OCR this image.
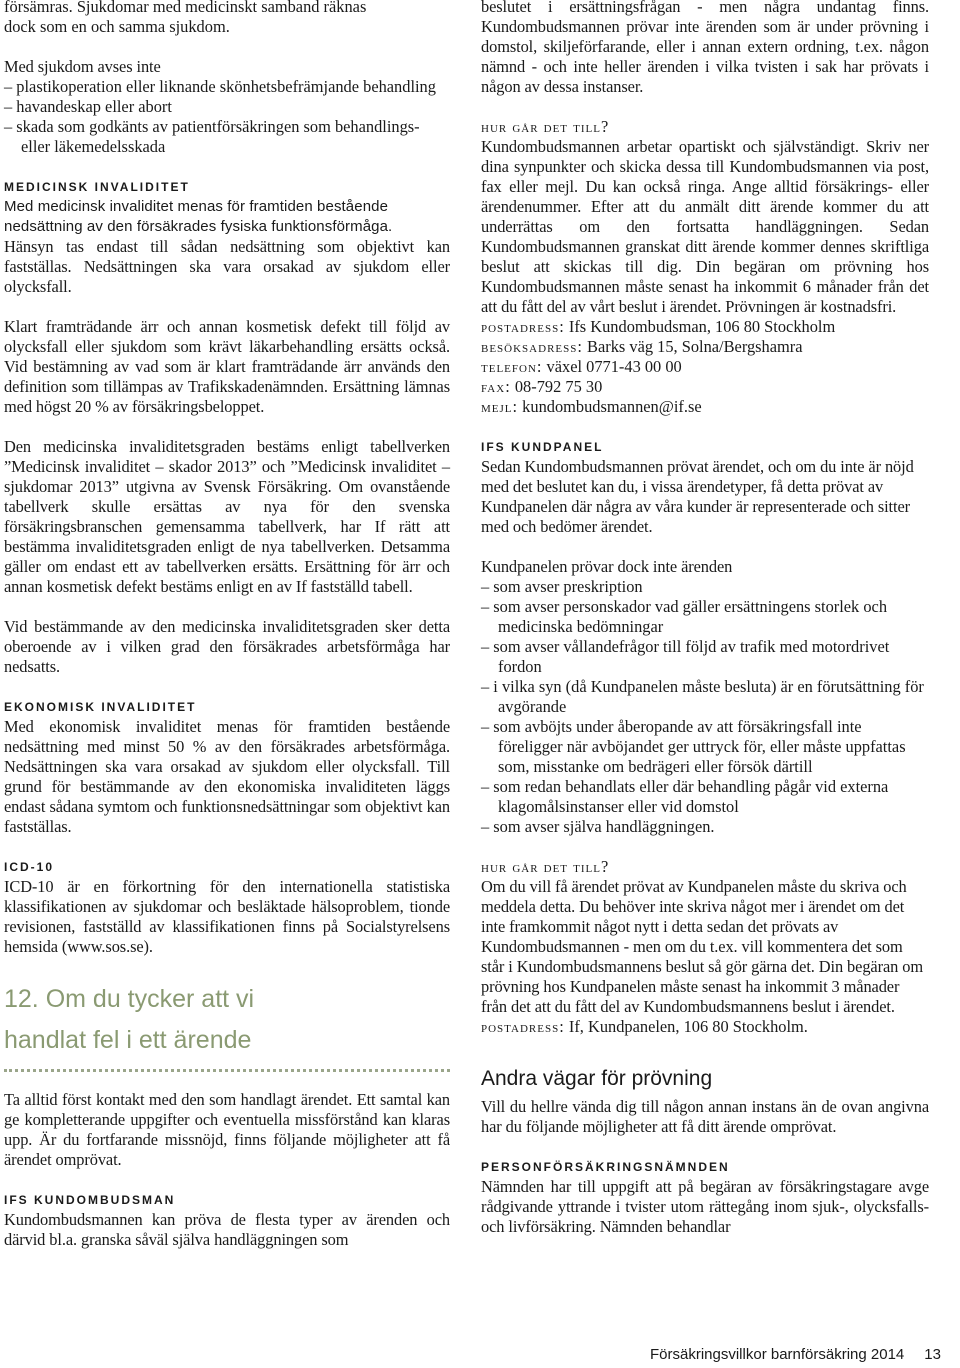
försämras. Sjukdomar med medicinskt samband räknas

dock som en och samma sjukdom.

Med sjukdom avses inte

– plastikoperation eller liknande skönhetsbefrämjande behandling

– havandeskap eller abort

– skada som godkänts av patientförsäkringen som behandlings- eller läkemedelsskada

MEDICINSK INVALIDITET

Med medicinsk invaliditet menas för framtiden bestående nedsättning av den försäkrades fysiska funktionsförmåga.

Hänsyn tas endast till sådan nedsättning som objektivt kan fastställas. Nedsättningen ska vara orsakad av sjukdom eller olycksfall.

Klart framträdande ärr och annan kosmetisk defekt till följd av olycksfall eller sjukdom som krävt läkarbehandling ersätts också. Vid bestämning av vad som är klart framträdande ärr används den definition som tillämpas av Trafikskadenämnden. Ersättning lämnas med högst 20 % av försäkringsbeloppet.

Den medicinska invaliditetsgraden bestäms enligt tabellverken ”Medicinsk invaliditet – skador 2013” och ”Medicinsk invaliditet – sjukdomar 2013” utgivna av Svensk Försäkring. Om ovanstående tabellverk skulle ersättas av nya för den svenska försäkringsbranschen gemensamma tabellverk, har If rätt att bestämma invaliditetsgraden enligt de nya tabellverken. Detsamma gäller om endast ett av tabellverken ersätts. Ersättning för ärr och annan kosmetisk defekt bestäms enligt en av If fastställd tabell.

Vid bestämmande av den medicinska invaliditetsgraden sker detta oberoende av i vilken grad den försäkrades arbetsförmåga har nedsatts.

EKONOMISK INVALIDITET

Med ekonomisk invaliditet menas för framtiden bestående nedsättning med minst 50 % av den försäkrades arbetsförmåga. Nedsättningen ska vara orsakad av sjukdom eller olycksfall. Till grund för bestämmande av den ekonomiska invaliditeten läggs endast sådana symtom och funktionsnedsättningar som objektivt kan fastställas.

ICD-10

ICD-10 är en förkortning för den internationella statistiska klassifikationen av sjukdomar och besläktade hälsoproblem, tionde revisionen, fastställd av klassifikationen finns på Socialstyrelsens hemsida (www.sos.se).

12. Om du tycker att vi

handlat fel i ett ärende

Ta alltid först kontakt med den som handlagt ärendet. Ett samtal kan ge kompletterande uppgifter och eventuella missförstånd kan klaras upp. Är du fortfarande missnöjd, finns följande möjligheter att få ärendet omprövat.

IFS KUNDOMBUDSMAN

Kundombudsmannen kan pröva de flesta typer av ärenden och därvid bl.a. granska såväl själva handläggningen som

beslutet i ersättningsfrågan - men några undantag finns. Kundombudsmannen prövar inte ärenden som är under prövning i domstol, skiljeförfarande, eller i annan extern ordning, t.ex. någon nämnd - och inte heller ärenden i vilka tvisten i sak har prövats i någon av dessa instanser.

hur går det till?

Kundombudsmannen arbetar opartiskt och självständigt. Skriv ner dina synpunkter och skicka dessa till Kundombudsmannen via post, fax eller mejl. Du kan också ringa. Ange alltid försäkrings- eller ärendenummer. Efter att du anmält ditt ärende kommer du att underrättas om den fortsatta handläggningen. Sedan Kundombudsmannen granskat ditt ärende kommer dennes skriftliga beslut att skickas till dig. Din begäran om prövning hos Kundombudsmannen måste senast ha inkommit 6 månader från det att du fått del av vårt beslut i ärendet. Prövningen är kostnadsfri.

postadress: Ifs Kundombudsman, 106 80 Stockholm

besöksadress: Barks väg 15, Solna/Bergshamra

telefon: växel 0771-43 00 00

fax: 08-792 75 30

mejl: kundombudsmannen@if.se

IFS KUNDPANEL

Sedan Kundombudsmannen prövat ärendet, och om du inte är nöjd med det beslutet kan du, i vissa ärendetyper, få detta prövat av Kundpanelen där några av våra kunder är representerade och sitter med och bedömer ärendet.

Kundpanelen prövar dock inte ärenden

– som avser preskription

– som avser personskador vad gäller ersättningens storlek och medicinska bedömningar

– som avser vållandefrågor till följd av trafik med motordrivet fordon

– i vilka syn (då Kundpanelen måste besluta) är en förutsättning för avgörande

– som avböjts under åberopande av att försäkringsfall inte föreligger när avböjandet ger uttryck för, eller måste uppfattas som, misstanke om bedrägeri eller försök därtill

– som redan behandlats eller där behandling pågår vid externa klagomålsinstanser eller vid domstol

– som avser själva handläggningen.

hur går det till?

Om du vill få ärendet prövat av Kundpanelen måste du skriva och meddela detta. Du behöver inte skriva något mer i ärendet om det inte framkommit något nytt i detta sedan det prövats av Kundombudsmannen - men om du t.ex. vill kommentera det som står i Kundombudsmannens beslut så gör gärna det. Din begäran om prövning hos Kundpanelen måste senast ha inkommit 3 månader från det att du fått del av Kundombudsmannens beslut i ärendet.

postadress: If, Kundpanelen, 106 80 Stockholm.

Andra vägar för prövning

Vill du hellre vända dig till någon annan instans än de ovan angivna har du följande möjligheter att få ditt ärende omprövat.

PERSONFÖRSÄKRINGSNÄMNDEN

Nämnden har till uppgift att på begäran av försäkringstagare avge rådgivande yttrande i tvister utom rättegång inom sjuk-, olycksfalls- och livförsäkring. Nämnden behandlar

Försäkringsvillkor barnförsäkring 2014 13
